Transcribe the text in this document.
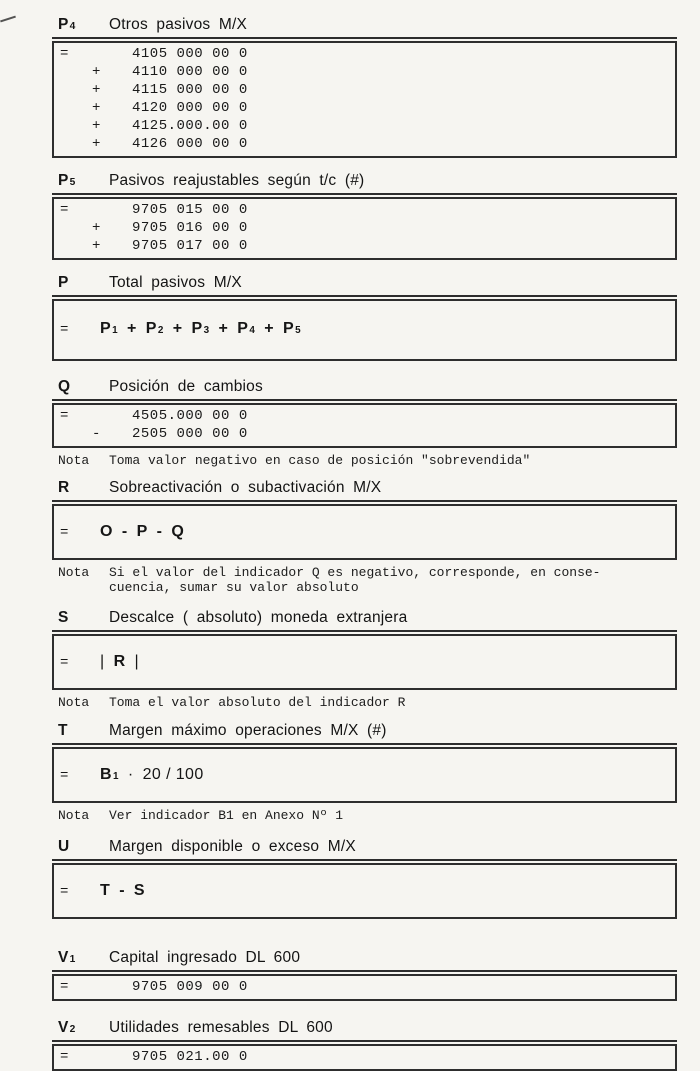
P4	Otros pasivos M/X
=	4105 000 00 0
+	4110 000 00 0
+	4115 000 00 0
+	4120 000 00 0
+	4125.000.00 0
+	4126 000 00 0
P5	Pasivos reajustables según t/c (#)
=	9705 015 00 0
+	9705 016 00 0
+	9705 017 00 0
P	Total pasivos M/X
=	P1 + P2 + P3 + P4 + P5
Q	Posición de cambios
=	4505.000 00 0
-	2505 000 00 0
Nota	Toma valor negativo en caso de posición "sobrevendida"
R	Sobreactivación o subactivación M/X
=	O - P - Q
Nota	Si el valor del indicador Q es negativo, corresponde, en conse-
cuencia, sumar su valor absoluto
S	Descalce ( absoluto) moneda extranjera
=	| R |
Nota	Toma el valor absoluto del indicador R
T	Margen máximo operaciones M/X (#)
=	B1 · 20 / 100
Nota	Ver indicador B1 en Anexo Nº 1
U	Margen disponible o exceso M/X
=	T - S
V1	Capital ingresado DL 600
=	9705 009 00 0
V2	Utilidades remesables DL 600
=	9705 021.00 0
